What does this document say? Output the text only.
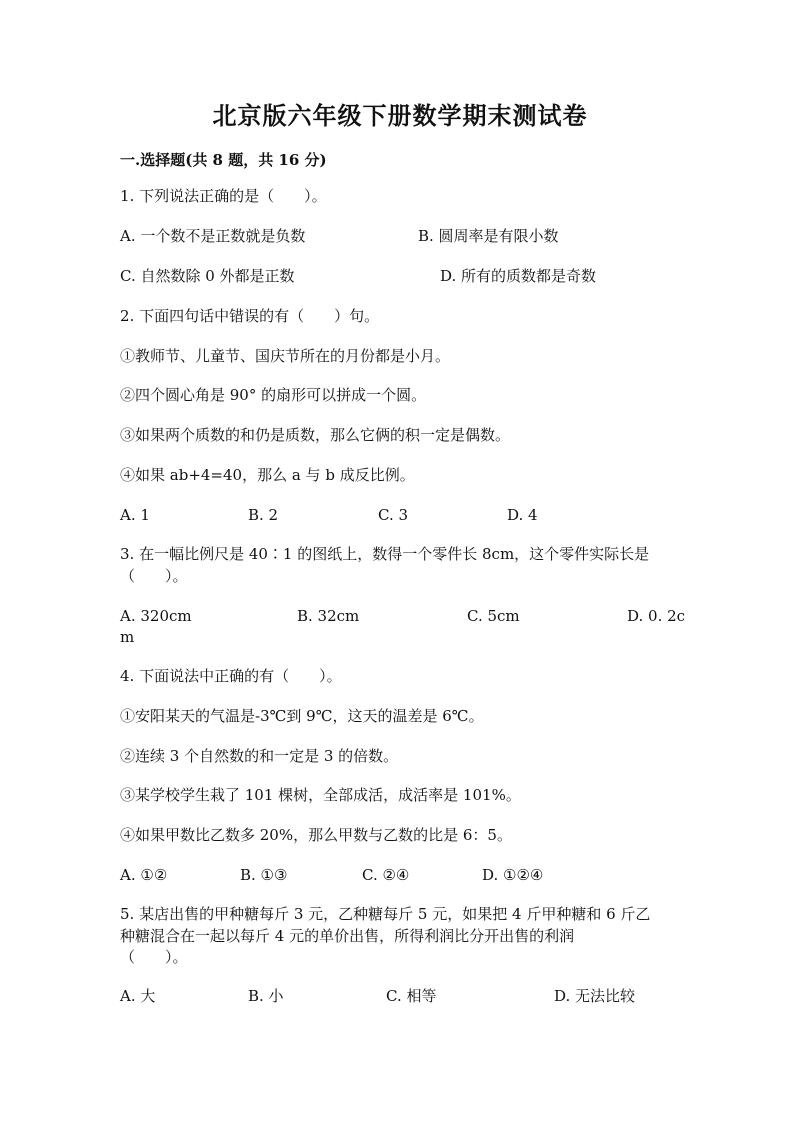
北京版六年级下册数学期末测试卷
一.选择题(共 8 题，共 16 分)
1. 下列说法正确的是（　　）。
A. 一个数不是正数就是负数	B. 圆周率是有限小数
C. 自然数除 0 外都是正数	D. 所有的质数都是奇数
2. 下面四句话中错误的有（　　）句。
①教师节、儿童节、国庆节所在的月份都是小月。
②四个圆心角是 90° 的扇形可以拼成一个圆。
③如果两个质数的和仍是质数，那么它俩的积一定是偶数。
④如果 ab+4=40，那么 a 与 b 成反比例。
A. 1	B. 2	C. 3	D. 4
3. 在一幅比例尺是 40∶1 的图纸上，数得一个零件长 8cm，这个零件实际长是
（　　）。
A. 320cm	B. 32cm	C. 5cm	D. 0. 2c
m
4. 下面说法中正确的有（　　）。
①安阳某天的气温是-3℃到 9℃，这天的温差是 6℃。
②连续 3 个自然数的和一定是 3 的倍数。
③某学校学生栽了 101 棵树，全部成活，成活率是 101%。
④如果甲数比乙数多 20%，那么甲数与乙数的比是 6：5。
A. ①②	B. ①③	C. ②④	D. ①②④
5. 某店出售的甲种糖每斤 3 元，乙种糖每斤 5 元，如果把 4 斤甲种糖和 6 斤乙
种糖混合在一起以每斤 4 元的单价出售，所得利润比分开出售的利润
（　　）。
A. 大	B. 小	C. 相等	D. 无法比较
